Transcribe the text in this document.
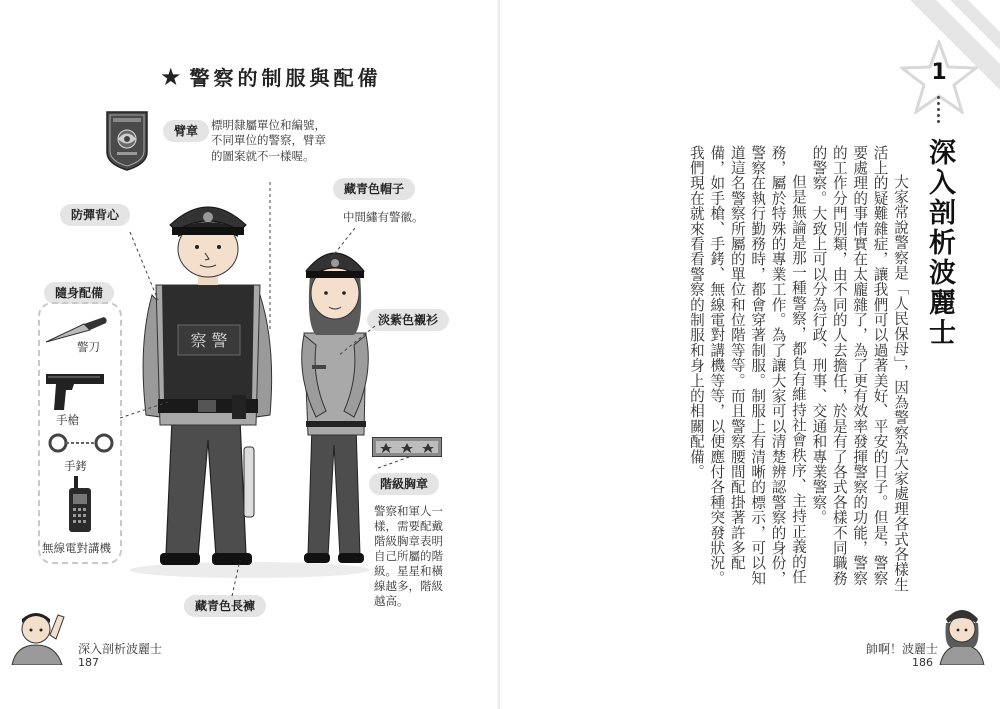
★ 警察的制服與配備
臂章	標明隸屬單位和編號，
不同單位的警察，臂章
的圖案就不一樣喔。
藏青色帽子
中間繡有警徽。
防彈背心
淡紫色襯衫
隨身配備
階級胸章
警察和軍人一
樣，需要配戴
階級胸章表明
自己所屬的階
級。星星和橫
線越多，階級
越高。
藏青色長褲
警刀
手槍
手銬
無線電對講機
察 警
深入剖析波麗士
187
1
深入剖析波麗士

大家常說警察是「人民保母」，因為警察為大家處理各式各樣生活上的疑難雜症，讓我們可以過著美好、平安的日子。但是，警察要處理的事情實在太龐雜了，為了更有效率發揮警察的功能，警察的工作分門別類，由不同的人去擔任，於是有了各式各樣不同職務的警察。大致上可以分為行政、刑事、交通和專業警察。

但是無論是那一種警察，都負有維持社會秩序、主持正義的任務，屬於特殊的專業工作。為了讓大家可以清楚辨認警察的身份，警察在執行勤務時，都會穿著制服。制服上有清晰的標示，可以知道這名警察所屬的單位和位階等等。而且警察腰間配掛著許多配備，如手槍、手銬、無線電對講機等等，以便應付各種突發狀況。我們現在就來看看警察的制服和身上的相關配備。

帥啊！波麗士
186
